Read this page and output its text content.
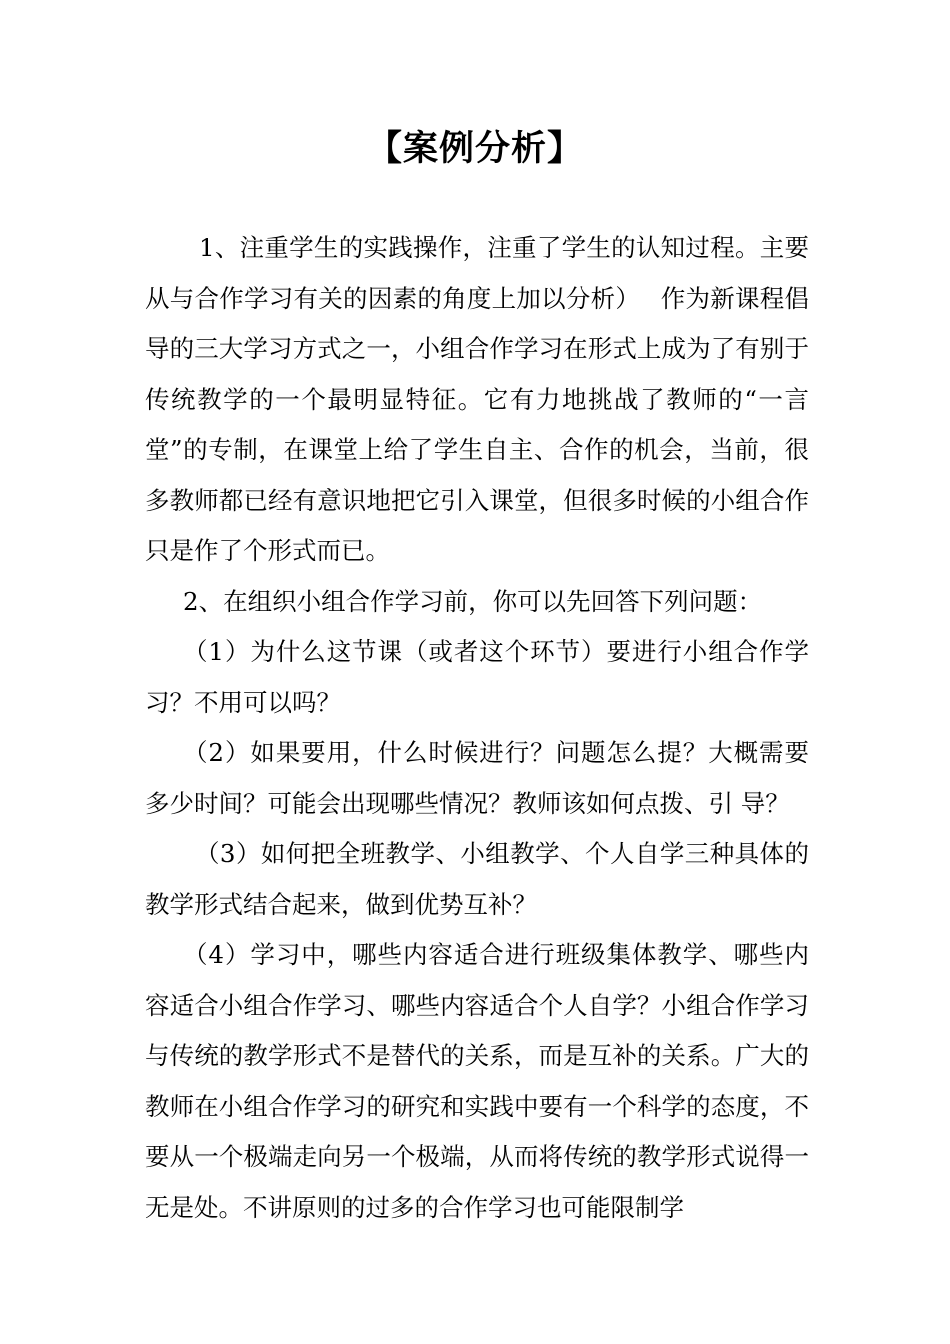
【案例分析】

1、注重学生的实践操作，注重了学生的认知过程。主要从与合作学习有关的因素的角度上加以分析）　 作为新课程倡导的三大学习方式之一，小组合作学习在形式上成为了有别于传统教学的一个最明显特征。它有力地挑战了教师的“一言堂”的专制，在课堂上给了学生自主、合作的机会，当前，很多教师都已经有意识地把它引入课堂，但很多时候的小组合作只是作了个形式而已。

2、在组织小组合作学习前，你可以先回答下列问题：

（1）为什么这节课（或者这个环节）要进行小组合作学习？不用可以吗？

（2）如果要用，什么时候进行？问题怎么提？大概需要多少时间？可能会出现哪些情况？教师该如何点拨、引 导？

（3）如何把全班教学、小组教学、个人自学三种具体的教学形式结合起来，做到优势互补？

（4）学习中，哪些内容适合进行班级集体教学、哪些内容适合小组合作学习、哪些内容适合个人自学？小组合作学习与传统的教学形式不是替代的关系，而是互补的关系。广大的教师在小组合作学习的研究和实践中要有一个科学的态度，不要从一个极端走向另一个极端，从而将传统的教学形式说得一无是处。不讲原则的过多的合作学习也可能限制学
